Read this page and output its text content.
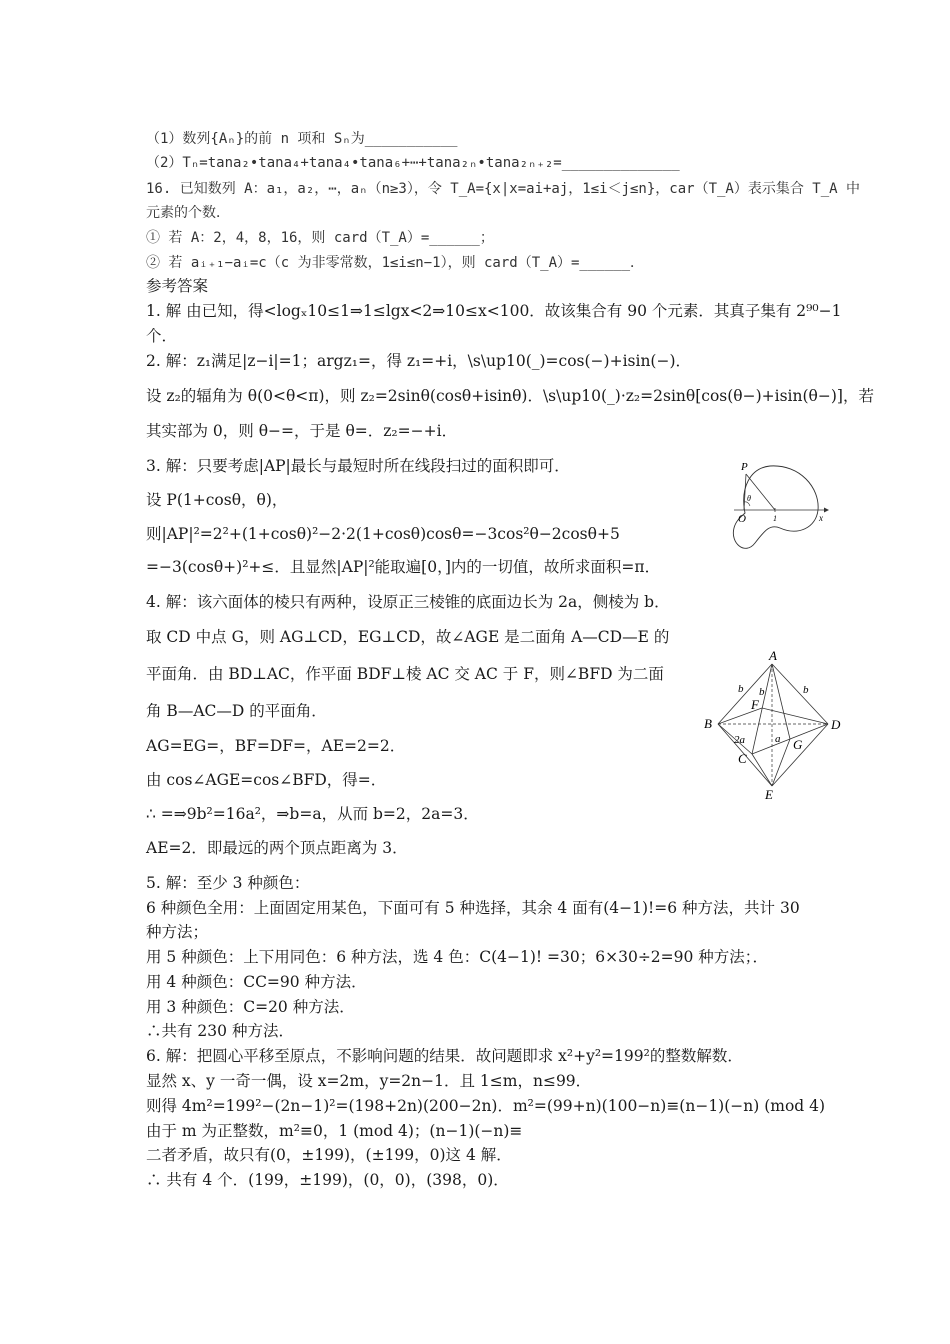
（1）数列{Aₙ}的前 n 项和 Sₙ为___________
（2）Tₙ=tana₂•tana₄+tana₄•tana₆+⋯+tana₂ₙ•tana₂ₙ₊₂=______________
16. 已知数列 A：a₁，a₂，⋯，aₙ（n≥3），令 T_A={x|x=ai+aj，1≤i＜j≤n}，car（T_A）表示集合 T_A 中
元素的个数．
① 若 A：2，4，8，16，则 card（T_A）=______；
② 若 aᵢ₊₁−aᵢ=c（c 为非零常数，1≤i≤n−1），则 card（T_A）=______．
参考答案
1. 解 由已知，得<logₓ10≤1⇒1≤lgx<2⇒10≤x<100．故该集合有 90 个元素．其真子集有 2⁹⁰−1
个．
2. 解：z₁满足|z−i|=1；argz₁=，得 z₁=+i，\s\up10(_)=cos(−)+isin(−)．
设 z₂的辐角为 θ(0<θ<π)，则 z₂=2sinθ(cosθ+isinθ)．\s\up10(_)·z₂=2sinθ[cos(θ−)+isin(θ−)]，若
其实部为 0，则 θ−=，于是 θ=．z₂=−+i．
3. 解：只要考虑|AP|最长与最短时所在线段扫过的面积即可．
设 P(1+cosθ，θ)，
则|AP|²=2²+(1+cosθ)²−2·2(1+cosθ)cosθ=−3cos²θ−2cosθ+5
=−3(cosθ+)²+≤．且显然|AP|²能取遍[0，]内的一切值，故所求面积=π．
4. 解：该六面体的棱只有两种，设原正三棱锥的底面边长为 2a，侧棱为 b．
取 CD 中点 G，则 AG⊥CD，EG⊥CD，故∠AGE 是二面角 A—CD—E 的
平面角．由 BD⊥AC，作平面 BDF⊥棱 AC 交 AC 于 F，则∠BFD 为二面
角 B—AC—D 的平面角．
AG=EG=，BF=DF=，AE=2=2．
由 cos∠AGE=cos∠BFD，得=．
∴ =⇒9b²=16a²，⇒b=a，从而 b=2，2a=3．
AE=2．即最远的两个顶点距离为 3．
5. 解：至少 3 种颜色：
6 种颜色全用：上面固定用某色，下面可有 5 种选择，其余 4 面有(4−1)!=6 种方法，共计 30
种方法；
用 5 种颜色：上下用同色：6 种方法，选 4 色：C(4−1)! =30；6×30÷2=90 种方法；．
用 4 种颜色：CC=90 种方法．
用 3 种颜色：C=20 种方法．
∴共有 230 种方法．
6. 解：把圆心平移至原点，不影响问题的结果．故问题即求 x²+y²=199²的整数解数．
显然 x、y 一奇一偶，设 x=2m，y=2n−1．且 1≤m，n≤99．
则得 4m²=199²−(2n−1)²=(198+2n)(200−2n)．m²=(99+n)(100−n)≡(n−1)(−n) (mod 4)
由于 m 为正整数，m²≡0，1 (mod 4)；(n−1)(−n)≡
二者矛盾，故只有(0，±199)，(±199，0)这 4 解．
∴ 共有 4 个．(199，±199)，(0，0)，(398，0)．
P
O
θ
1	x
A
B
C
D
E
F
G
b b	b
2a	a
